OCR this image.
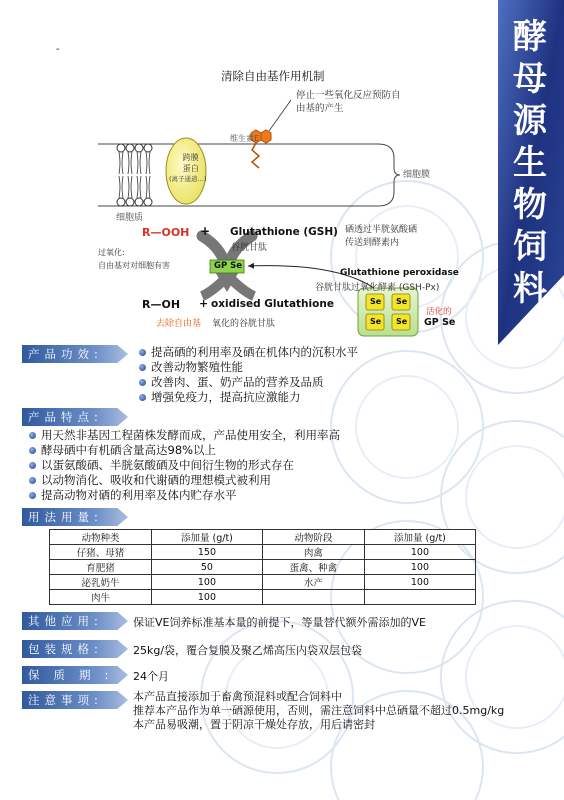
酵
母
源
生
物
饲
料
-
清除自由基作用机制
停止一些氧化反应预防自
由基的产生
维生素E
跨膜
蛋白
(离子通道…)	细胞膜
细胞质
R—OOH + Glutathione (GSH)
谷胱甘肽
硒透过半胱氨酸硒
传送到酵素内
过氧化:
自由基对对细胞有害	GP Se
Glutathione peroxidase
谷胱甘肽过氧化酵素 (GSH-Px)
R—OH + oxidised Glutathione
去除自由基 氧化的谷胱甘肽
Se Se
Se Se
活化的
GP Se
产品功效:	提高硒的利用率及硒在机体内的沉积水平
改善动物繁殖性能
改善肉、蛋、奶产品的营养及品质
增强免疫力，提高抗应激能力
产品特点:
用天然非基因工程菌株发酵而成，产品使用安全，利用率高
酵母硒中有机硒含量高达98%以上
以蛋氨酸硒、半胱氨酸硒及中间衍生物的形式存在
以动物消化、吸收和代谢硒的理想模式被利用
提高动物对硒的利用率及体内贮存水平
用法用量:
动物种类	添加量 (g/t)	动物阶段	添加量 (g/t)
仔猪、母猪	150	肉禽	100
育肥猪	50	蛋禽、种禽	100
泌乳奶牛	100	水产	100
肉牛	100		
其他应用:	保证VE饲养标准基本量的前提下，等量替代额外需添加的VE
包装规格:	25kg/袋，覆合复膜及聚乙烯高压内袋双层包袋
保质期: 24个月
注意事项:	本产品直接添加于畜禽预混料或配合饲料中
推荐本产品作为单一硒源使用，否则，需注意饲料中总硒量不超过0.5mg/kg
本产品易吸潮，置于阴凉干燥处存放，用后请密封
